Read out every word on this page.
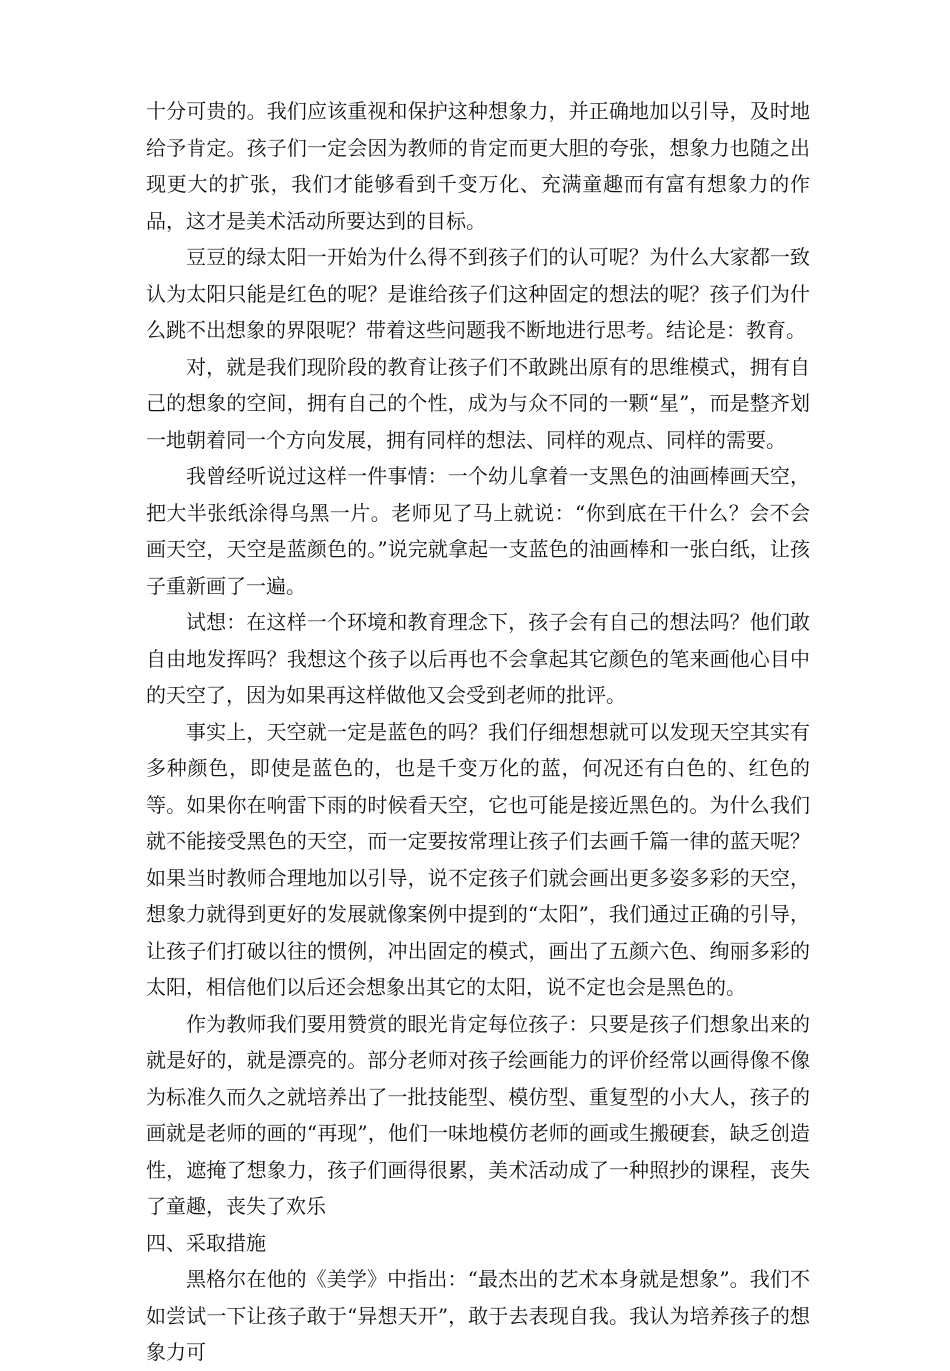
十分可贵的。我们应该重视和保护这种想象力，并正确地加以引导，及时地给予肯定。孩子们一定会因为教师的肯定而更大胆的夸张，想象力也随之出现更大的扩张，我们才能够看到千变万化、充满童趣而有富有想象力的作品，这才是美术活动所要达到的目标。

豆豆的绿太阳一开始为什么得不到孩子们的认可呢？为什么大家都一致认为太阳只能是红色的呢？是谁给孩子们这种固定的想法的呢？孩子们为什么跳不出想象的界限呢？带着这些问题我不断地进行思考。结论是：教育。

对，就是我们现阶段的教育让孩子们不敢跳出原有的思维模式，拥有自己的想象的空间，拥有自己的个性，成为与众不同的一颗“星”，而是整齐划一地朝着同一个方向发展，拥有同样的想法、同样的观点、同样的需要。

我曾经听说过这样一件事情：一个幼儿拿着一支黑色的油画棒画天空，把大半张纸涂得乌黑一片。老师见了马上就说：“你到底在干什么？会不会画天空，天空是蓝颜色的。”说完就拿起一支蓝色的油画棒和一张白纸，让孩子重新画了一遍。

试想：在这样一个环境和教育理念下，孩子会有自己的想法吗？他们敢自由地发挥吗？我想这个孩子以后再也不会拿起其它颜色的笔来画他心目中的天空了，因为如果再这样做他又会受到老师的批评。

事实上，天空就一定是蓝色的吗？我们仔细想想就可以发现天空其实有多种颜色，即使是蓝色的，也是千变万化的蓝，何况还有白色的、红色的等。如果你在响雷下雨的时候看天空，它也可能是接近黑色的。为什么我们就不能接受黑色的天空，而一定要按常理让孩子们去画千篇一律的蓝天呢？如果当时教师合理地加以引导，说不定孩子们就会画出更多姿多彩的天空，想象力就得到更好的发展就像案例中提到的“太阳”，我们通过正确的引导，让孩子们打破以往的惯例，冲出固定的模式，画出了五颜六色、绚丽多彩的太阳，相信他们以后还会想象出其它的太阳，说不定也会是黑色的。

作为教师我们要用赞赏的眼光肯定每位孩子：只要是孩子们想象出来的就是好的，就是漂亮的。部分老师对孩子绘画能力的评价经常以画得像不像为标准久而久之就培养出了一批技能型、模仿型、重复型的小大人，孩子的画就是老师的画的“再现”，他们一味地模仿老师的画或生搬硬套，缺乏创造性，遮掩了想象力，孩子们画得很累，美术活动成了一种照抄的课程，丧失了童趣，丧失了欢乐

四、采取措施

黑格尔在他的《美学》中指出：“最杰出的艺术本身就是想象”。我们不如尝试一下让孩子敢于“异想天开”，敢于去表现自我。我认为培养孩子的想象力可
